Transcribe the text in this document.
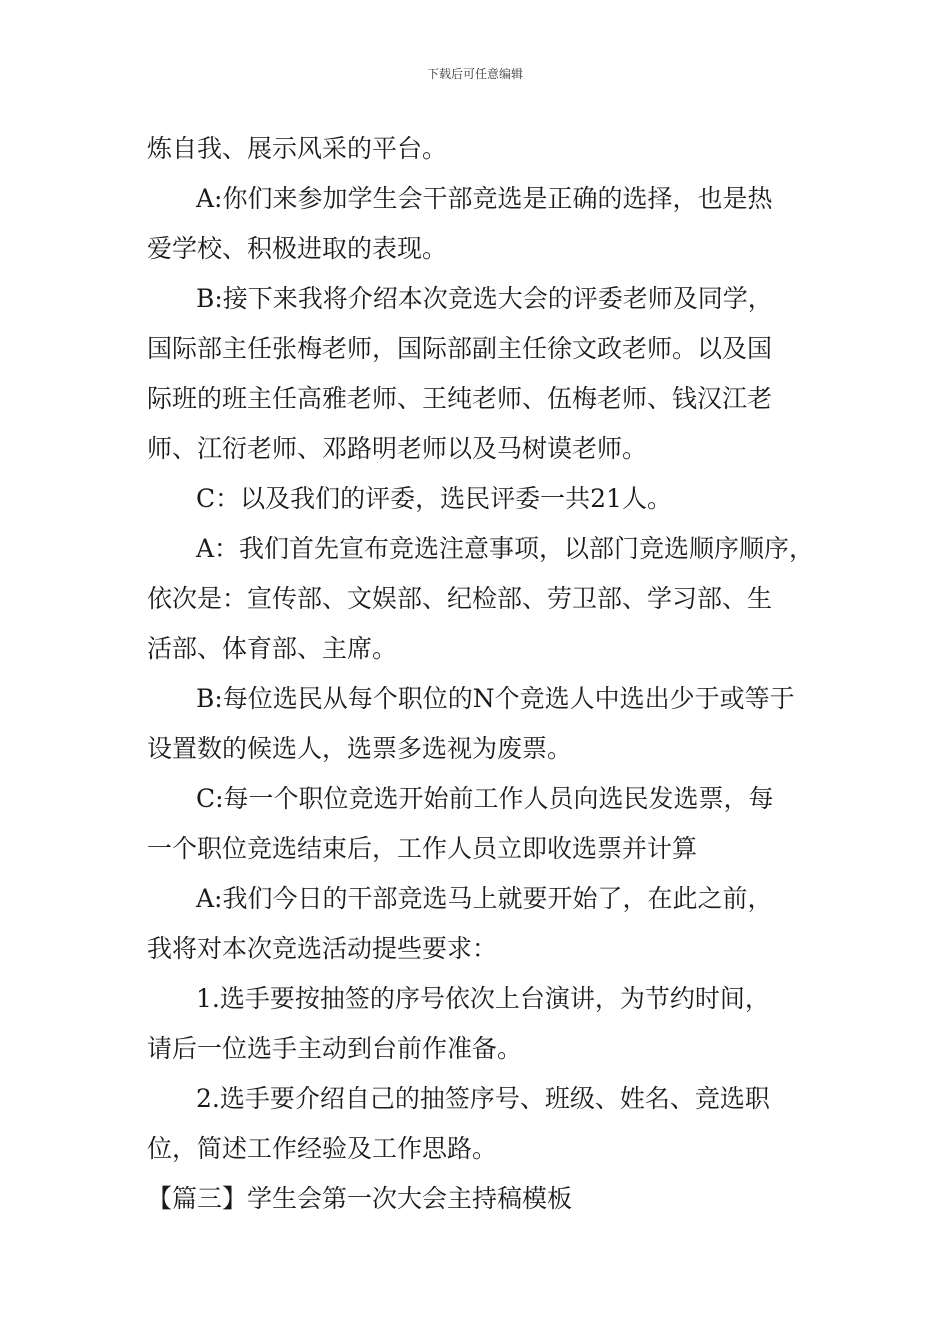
下载后可任意编辑
炼自我、展示风采的平台。
A:你们来参加学生会干部竞选是正确的选择，也是热
爱学校、积极进取的表现。
B:接下来我将介绍本次竞选大会的评委老师及同学，
国际部主任张梅老师，国际部副主任徐文政老师。以及国
际班的班主任高雅老师、王纯老师、伍梅老师、钱汉江老
师、江衍老师、邓路明老师以及马树谟老师。
C：以及我们的评委，选民评委一共21人。
A：我们首先宣布竞选注意事项，以部门竞选顺序顺序，
依次是：宣传部、文娱部、纪检部、劳卫部、学习部、生
活部、体育部、主席。
B:每位选民从每个职位的N个竞选人中选出少于或等于
设置数的候选人，选票多选视为废票。
C:每一个职位竞选开始前工作人员向选民发选票，每
一个职位竞选结束后，工作人员立即收选票并计算
A:我们今日的干部竞选马上就要开始了，在此之前，
我将对本次竞选活动提些要求：
1.选手要按抽签的序号依次上台演讲，为节约时间，
请后一位选手主动到台前作准备。
2.选手要介绍自己的抽签序号、班级、姓名、竞选职
位，简述工作经验及工作思路。
【篇三】学生会第一次大会主持稿模板
